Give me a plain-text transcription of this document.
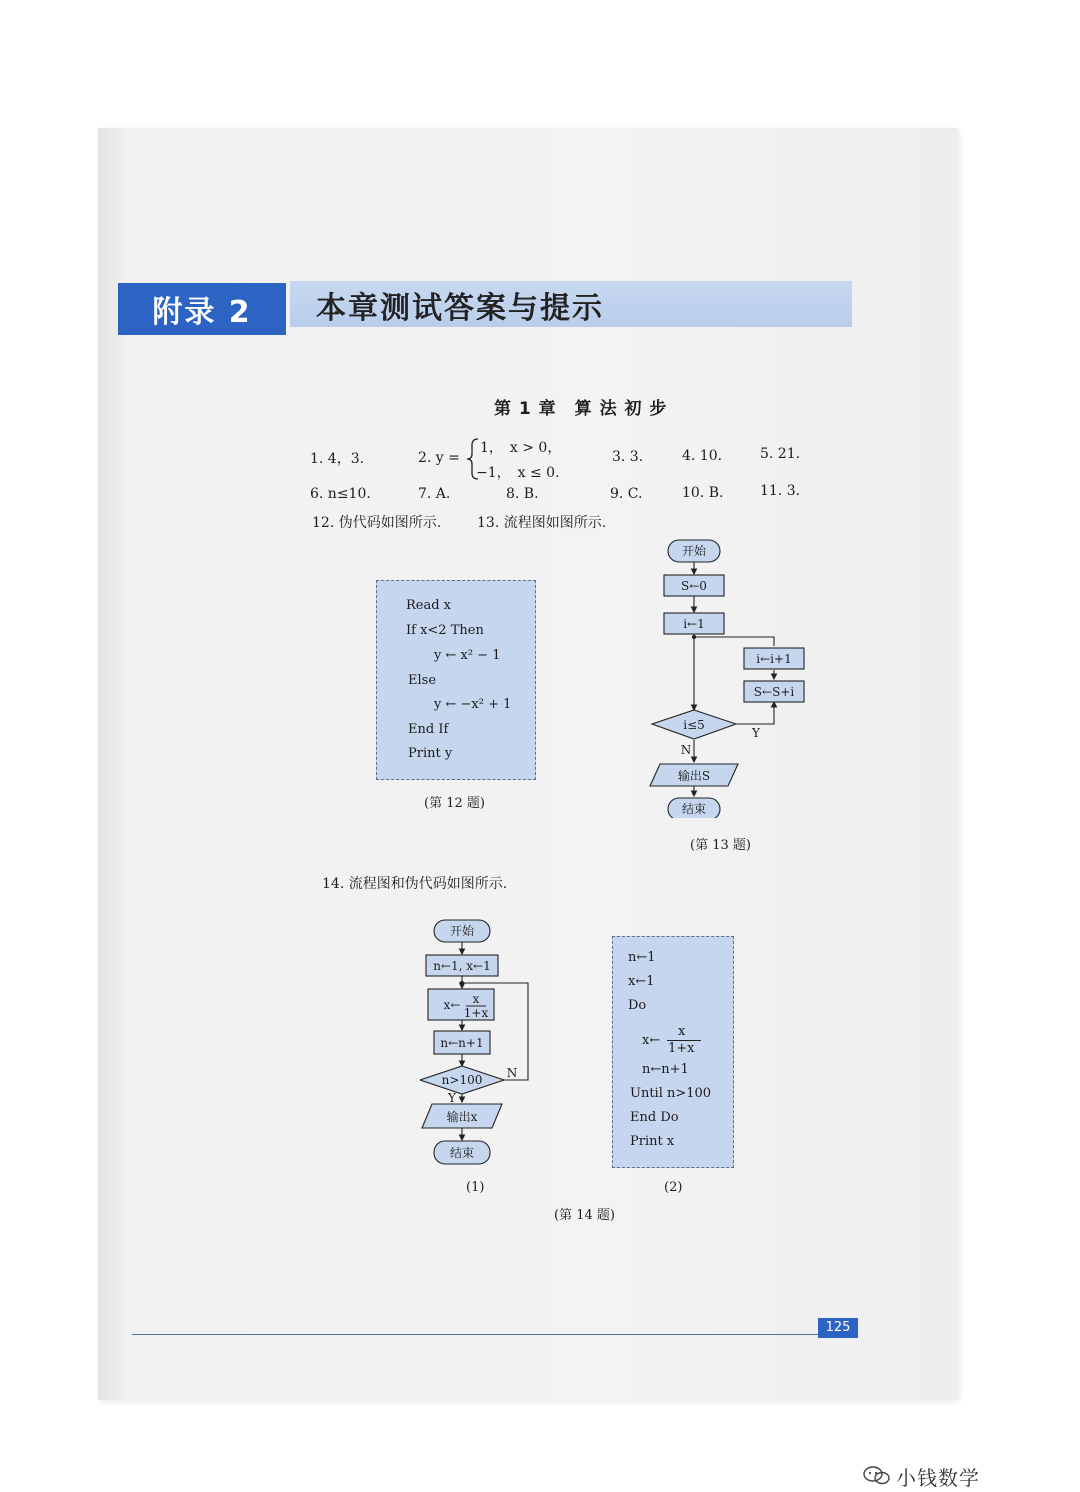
附录 2	本章测试答案与提示
第 1 章　算 法 初 步
1. 4，3.	2. y =
1，　x > 0，
−1，　x ≤ 0.
3. 3.	4. 10.	5. 21.
6. n≤10.	7. A.	8. B.	9. C.	10. B.	11. 3.
12. 伪代码如图所示.	13. 流程图如图所示.
Read x
If x<2 Then
y ← x² − 1
Else
y ← −x² + 1
End If
Print y
(第 12 题)
开始
S←0
i←1
i←i+1
S←S+i
i≤5
Y
N
输出S
结束
(第 13 题)
14. 流程图和伪代码如图所示.
开始
n←1, x←1
x← x
1+x
n←n+1
n>100 N
Y
输出x
结束
n←1
x←1
Do
x←
x
1+x
n←n+1
Until n>100
End Do
Print x
(1)	(2)
(第 14 题)
125
小钱数学
